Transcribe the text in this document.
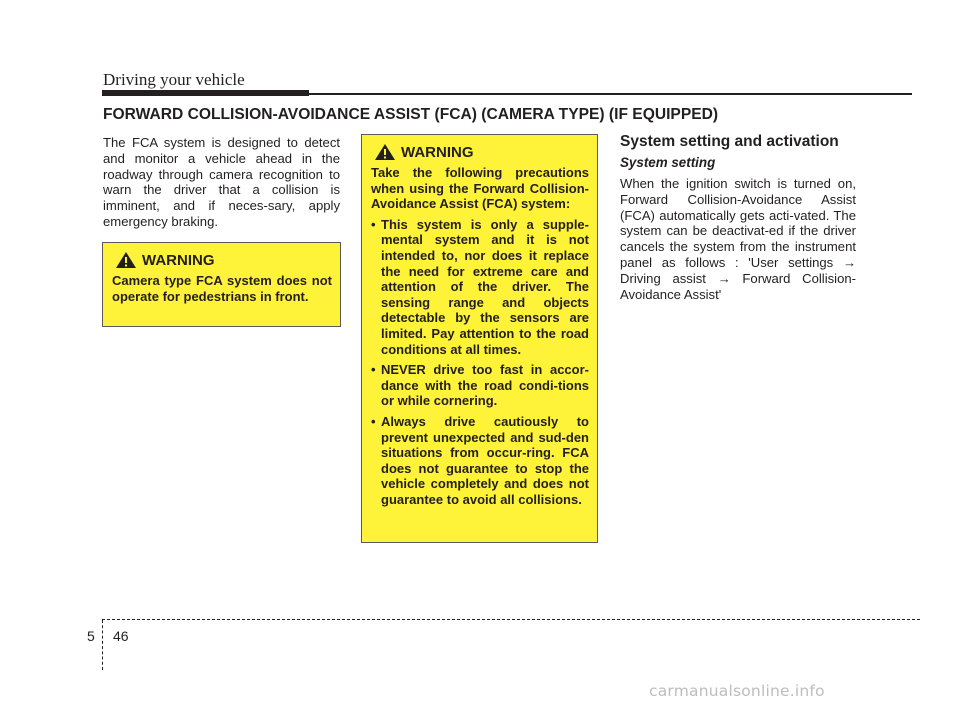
Driving your vehicle
FORWARD COLLISION-AVOIDANCE ASSIST (FCA) (CAMERA TYPE) (IF EQUIPPED)

The FCA system is designed to detect and monitor a vehicle ahead in the roadway through camera recognition to warn the driver that a collision is imminent, and if neces-sary, apply emergency braking.

WARNING

Camera type FCA system does not operate for pedestrians in front.

WARNING

Take the following precautions when using the Forward Collision-Avoidance Assist (FCA) system:

• This system is only a supple-mental system and it is not intended to, nor does it replace the need for extreme care and attention of the driver. The sensing range and objects detectable by the sensors are limited. Pay attention to the road conditions at all times.
• NEVER drive too fast in accor-dance with the road condi-tions or while cornering.
• Always drive cautiously to prevent unexpected and sud-den situations from occur-ring. FCA does not guarantee to stop the vehicle completely and does not guarantee to avoid all collisions.
System setting and activation
System setting

When the ignition switch is turned on, Forward Collision-Avoidance Assist (FCA) automatically gets acti-vated. The system can be deactivat-ed if the driver cancels the system from the instrument panel as follows : 'User settings → Driving assist → Forward Collision-Avoidance Assist'

5 46
carmanualsonline.info
